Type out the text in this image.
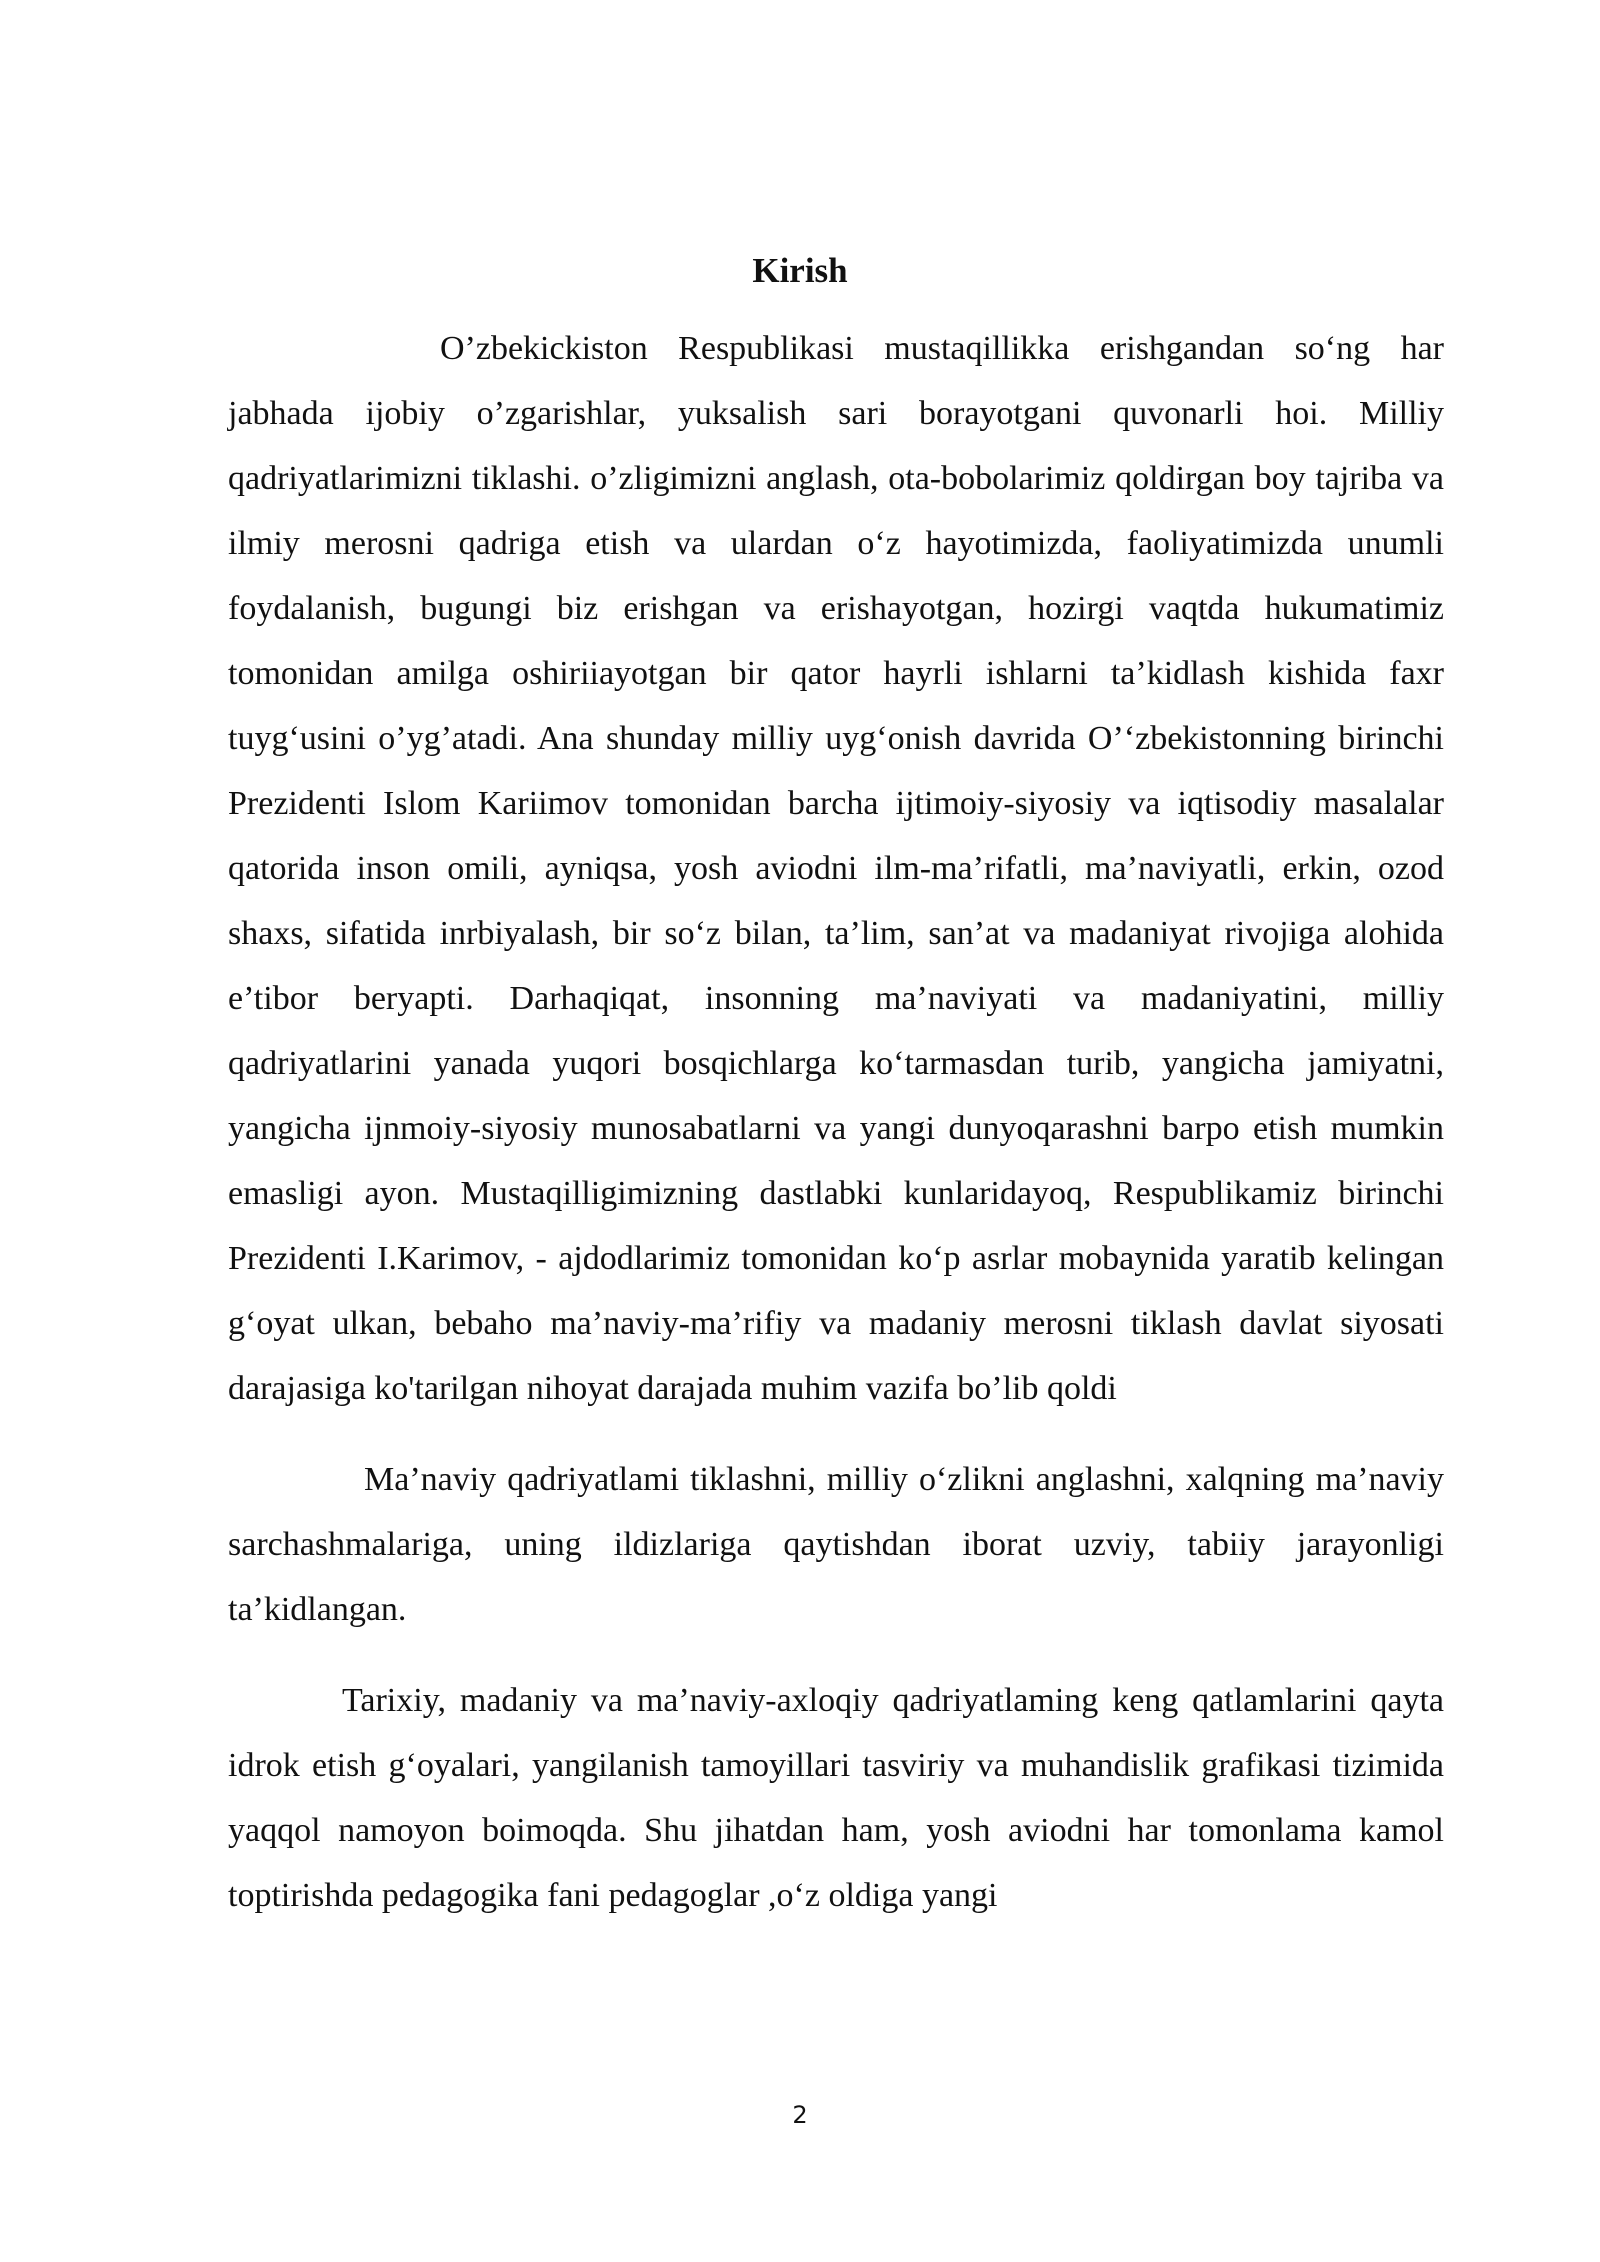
Kirish

O’zbekickiston Respublikasi mustaqillikka erishgandan so‘ng har jabhada ijobiy o’zgarishlar, yuksalish sari borayotgani quvonarli hoi. Milliy qadriyatlarimizni tiklashi. o’zligimizni anglash, ota-bobolarimiz qoldirgan boy tajriba va ilmiy merosni qadriga etish va ulardan o‘z hayotimizda, faoliyatimizda unumli foydalanish, bugungi biz erishgan va erishayotgan, hozirgi vaqtda hukumatimiz tomonidan amilga oshiriiayotgan bir qator hayrli ishlarni ta’kidlash kishida faxr tuyg‘usini o’yg’atadi. Ana shunday milliy uyg‘onish davrida O’‘zbekistonning birinchi Prezidenti Islom Kariimov tomonidan barcha ijtimoiy-siyosiy va iqtisodiy masalalar qatorida inson omili, ayniqsa, yosh aviodni ilm-ma’rifatli, ma’naviyatli, erkin, ozod shaxs, sifatida inrbiyalash, bir so‘z bilan, ta’lim, san’at va madaniyat rivojiga alohida e’tibor beryapti. Darhaqiqat, insonning ma’naviyati va madaniyatini, milliy qadriyatlarini yanada yuqori bosqichlarga ko‘tarmasdan turib, yangicha jamiyatni, yangicha ijnmoiy-siyosiy munosabatlarni va yangi dunyoqarashni barpo etish mumkin emasligi ayon. Mustaqilligimizning dastlabki kunlaridayoq, Respublikamiz birinchi Prezidenti I.Karimov, - ajdodlarimiz tomonidan ko‘p asrlar mobaynida yaratib kelingan g‘oyat ulkan, bebaho ma’naviy-ma’rifiy va madaniy merosni tiklash davlat siyosati darajasiga ko'tarilgan nihoyat darajada muhim vazifa bo’lib qoldi

Ma’naviy qadriyatlami tiklashni, milliy o‘zlikni anglashni, xalqning ma’naviy sarchashmalariga, uning ildizlariga qaytishdan iborat uzviy, tabiiy jarayonligi ta’kidlangan.

Tarixiy, madaniy va ma’naviy-axloqiy qadriyatlaming keng qatlamlarini qayta idrok etish g‘oyalari, yangilanish tamoyillari tasviriy va muhandislik grafikasi tizimida yaqqol namoyon boimoqda. Shu jihatdan ham, yosh aviodni har tomonlama kamol toptirishda pedagogika fani pedagoglar ,o‘z oldiga yangi

2
